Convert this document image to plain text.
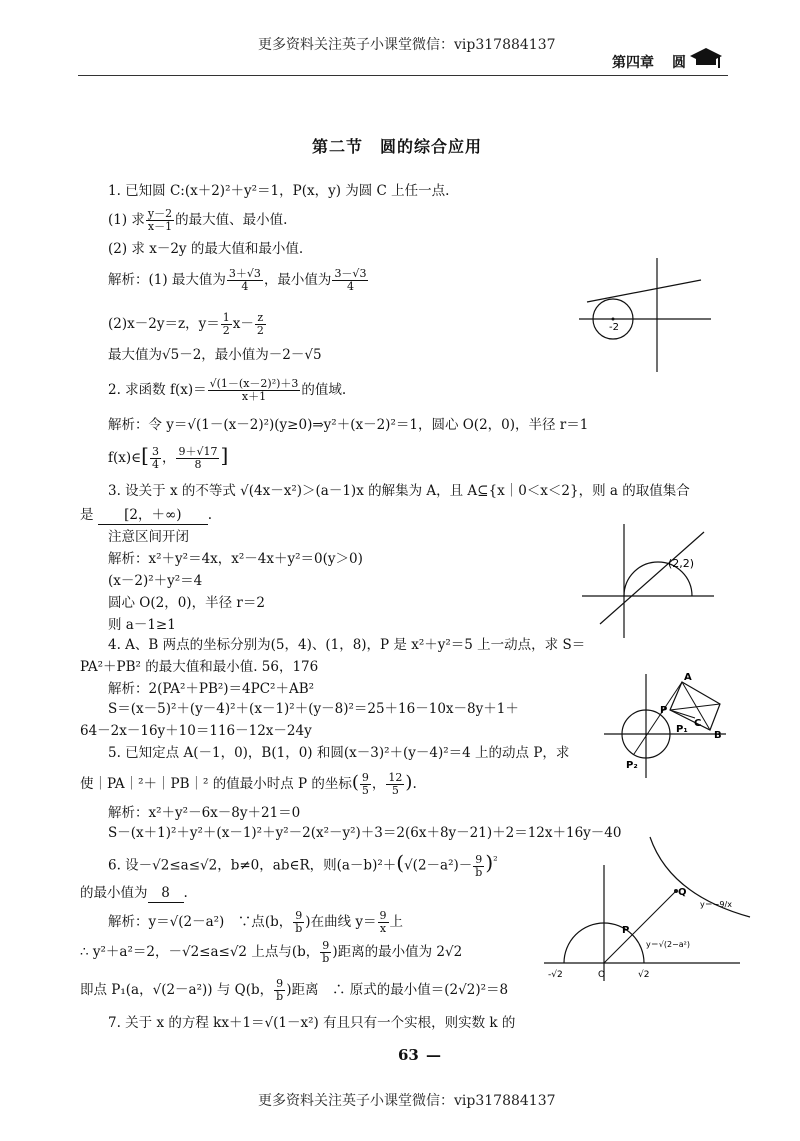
更多资料关注英子小课堂微信：vip317884137
第四章 圆
第二节　圆的综合应用
1. 已知圆 C:(x＋2)²＋y²＝1，P(x，y) 为圆 C 上任一点.
(1) 求 $\frac{y-2}{x-1}$ 的最大值、最小值.
(2) 求 x－2y 的最大值和最小值.
解析：(1) 最大值为 $\frac{3+√3}{4}$ ，最小值为 $\frac{3-√3}{4}$
(2)x－2y＝z，$y= \frac{1}{2} x- \frac{z}{2}$
最大值为√5－2，最小值为－2－√5
-2
2. 求函数 $f(x)= \frac{\text{√(1－(x－2)²)＋3}}{x+1}$ 的值域.
解析：令 y＝√(1－(x－2)²)(y≥0)⇒y²＋(x－2)²＝1，圆心 O(2，0)，半径 r＝1
f(x)∈[ $\frac{3}{4}$ ， $\frac{9+√17}{8}$ ]
3. 设关于 x 的不等式 √(4x－x²)＞(a－1)x 的解集为 A，且 A⊆{x｜0＜x＜2}，则 a 的取值集合
是 [2，＋∞) .
注意区间开闭
解析：x²＋y²＝4x，x²－4x＋y²＝0(y＞0)
(x－2)²＋y²＝4
圆心 O(2，0)，半径 r＝2
则 a－1≥1
(2,2)
4. A、B 两点的坐标分别为(5，4)、(1，8)，P 是 x²＋y²＝5 上一动点，求 S＝
PA²＋PB² 的最大值和最小值. 56，176
解析：2(PA²＋PB²)＝4PC²＋AB²
S＝(x－5)²＋(y－4)²＋(x－1)²＋(y－8)²＝25＋16－10x－8y＋1＋
64－2x－16y＋10＝116－12x－24y
A
P
C
P₁
B
P₂
5. 已知定点 A(－1，0)，B(1，0) 和圆(x－3)²＋(y－4)²＝4 上的动点 P，求
使｜PA｜²＋｜PB｜² 的值最小时点 P 的坐标( $\frac{9}{5}$ ， $\frac{12}{5}$ ).
解析：x²＋y²－6x－8y＋21＝0
S－(x＋1)²＋y²＋(x－1)²＋y²－2(x²－y²)＋3＝2(6x＋8y－21)＋2＝12x＋16y－40
6. 设－√2≤a≤√2，b≠0，ab∈R，则$(a-b)^2+(√(2-a^2)- \frac{9}{b} )^{^2}$
的最小值为 8 .
解析：y＝√(2－a²)　∵点(b， $\frac{9}{b}$ )在曲线 $y= \frac{9}{x}$ 上
∴ y²＋a²＝2，－√2≤a≤√2 上点与(b， $\frac{9}{b}$ )距离的最小值为 2√2
即点 P₁(a，√(2－a²)) 与 Q(b， $\frac{9}{b}$ )距离　∴ 原式的最小值＝(2√2)²＝8
Q
P
y＝−9/x
y＝√(2−a²)
-√2	O	√2
7. 关于 x 的方程 kx＋1＝√(1－x²) 有且只有一个实根，则实数 k 的
63 —
更多资料关注英子小课堂微信：vip317884137
